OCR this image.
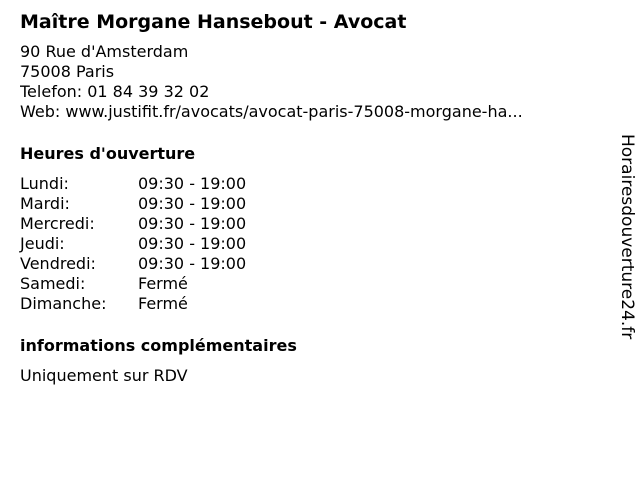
Maître Morgane Hansebout - Avocat
90 Rue d'Amsterdam
75008 Paris
Telefon: 01 84 39 32 02
Web: www.justifit.fr/avocats/avocat-paris-75008-morgane-ha...
Heures d'ouverture
Lundi:	09:30 - 19:00
Mardi:	09:30 - 19:00
Mercredi:	09:30 - 19:00
Jeudi:	09:30 - 19:00
Vendredi:	09:30 - 19:00
Samedi:	Fermé
Dimanche:	Fermé
informations complémentaires
Uniquement sur RDV
Horairesdouverture24.fr
